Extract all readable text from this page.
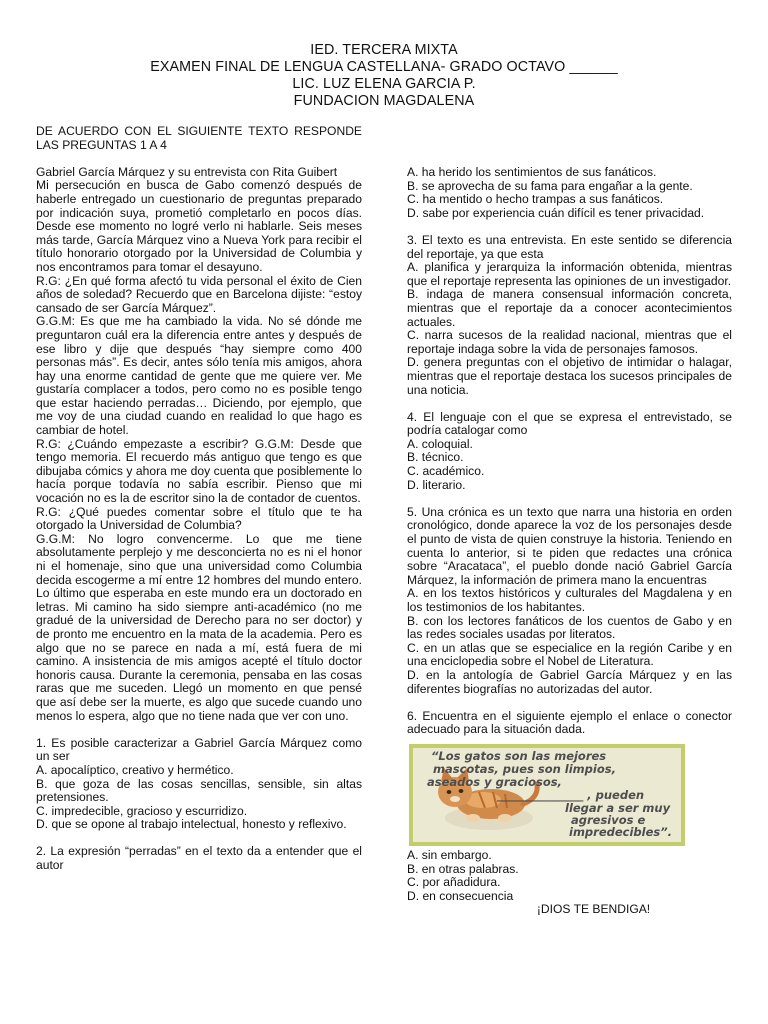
IED. TERCERA MIXTA
EXAMEN FINAL DE LENGUA CASTELLANA- GRADO OCTAVO ______
LIC. LUZ ELENA GARCIA P.
FUNDACION MAGDALENA

DE ACUERDO CON EL SIGUIENTE TEXTO RESPONDE LAS PREGUNTAS 1 A 4

Gabriel García Márquez y su entrevista con Rita Guibert

Mi persecución en busca de Gabo comenzó después de haberle entregado un cuestionario de preguntas preparado por indicación suya, prometió completarlo en pocos días. Desde ese momento no logré verlo ni hablarle. Seis meses más tarde, García Márquez vino a Nueva York para recibir el título honorario otorgado por la Universidad de Columbia y nos encontramos para tomar el desayuno.

R.G: ¿En qué forma afectó tu vida personal el éxito de Cien años de soledad? Recuerdo que en Barcelona dijiste: “estoy cansado de ser García Márquez”.

G.G.M: Es que me ha cambiado la vida. No sé dónde me preguntaron cuál era la diferencia entre antes y después de ese libro y dije que después “hay siempre como 400 personas más”. Es decir, antes sólo tenía mis amigos, ahora hay una enorme cantidad de gente que me quiere ver. Me gustaría complacer a todos, pero como no es posible tengo que estar haciendo perradas… Diciendo, por ejemplo, que me voy de una ciudad cuando en realidad lo que hago es cambiar de hotel.

R.G: ¿Cuándo empezaste a escribir? G.G.M: Desde que tengo memoria. El recuerdo más antiguo que tengo es que dibujaba cómics y ahora me doy cuenta que posiblemente lo hacía porque todavía no sabía escribir. Pienso que mi vocación no es la de escritor sino la de contador de cuentos.

R.G: ¿Qué puedes comentar sobre el título que te ha otorgado la Universidad de Columbia?

G.G.M: No logro convencerme. Lo que me tiene absolutamente perplejo y me desconcierta no es ni el honor ni el homenaje, sino que una universidad como Columbia decida escogerme a mí entre 12 hombres del mundo entero. Lo último que esperaba en este mundo era un doctorado en letras. Mi camino ha sido siempre anti-académico (no me gradué de la universidad de Derecho para no ser doctor) y de pronto me encuentro en la mata de la academia. Pero es algo que no se parece en nada a mí, está fuera de mi camino. A insistencia de mis amigos acepté el título doctor honoris causa. Durante la ceremonia, pensaba en las cosas raras que me suceden. Llegó un momento en que pensé que así debe ser la muerte, es algo que sucede cuando uno menos lo espera, algo que no tiene nada que ver con uno.

1. Es posible caracterizar a Gabriel García Márquez como un ser

A. apocalíptico, creativo y hermético.

B. que goza de las cosas sencillas, sensible, sin altas pretensiones.

C. impredecible, gracioso y escurridizo.

D. que se opone al trabajo intelectual, honesto y reflexivo.

2. La expresión “perradas” en el texto da a entender que el autor

A. ha herido los sentimientos de sus fanáticos.

B. se aprovecha de su fama para engañar a la gente.

C. ha mentido o hecho trampas a sus fanáticos.

D. sabe por experiencia cuán difícil es tener privacidad.

3. El texto es una entrevista. En este sentido se diferencia del reportaje, ya que esta

A. planifica y jerarquiza la información obtenida, mientras que el reportaje representa las opiniones de un investigador.

B. indaga de manera consensual información concreta, mientras que el reportaje da a conocer acontecimientos actuales.

C. narra sucesos de la realidad nacional, mientras que el reportaje indaga sobre la vida de personajes famosos.

D. genera preguntas con el objetivo de intimidar o halagar, mientras que el reportaje destaca los sucesos principales de una noticia.

4. El lenguaje con el que se expresa el entrevistado, se podría catalogar como

A. coloquial.

B. técnico.

C. académico.

D. literario.

5. Una crónica es un texto que narra una historia en orden cronológico, donde aparece la voz de los personajes desde el punto de vista de quien construye la historia. Teniendo en cuenta lo anterior, si te piden que redactes una crónica sobre “Aracataca”, el pueblo donde nació Gabriel García Márquez, la información de primera mano la encuentras

A. en los textos históricos y culturales del Magdalena y en los testimonios de los habitantes.

B. con los lectores fanáticos de los cuentos de Gabo y en las redes sociales usadas por literatos.

C. en un atlas que se especialice en la región Caribe y en una enciclopedia sobre el Nobel de Literatura.

D. en la antología de Gabriel García Márquez y en las diferentes biografías no autorizadas del autor.

6. Encuentra en el siguiente ejemplo el enlace o conector adecuado para la situación dada.

“Los gatos son las mejores
mascotas, pues son limpios,
aseados y graciosos,
_______________ , pueden
llegar a ser muy
agresivos e
impredecibles”.

A. sin embargo.

B. en otras palabras.

C. por añadidura.

D. en consecuencia

¡DIOS TE BENDIGA!
